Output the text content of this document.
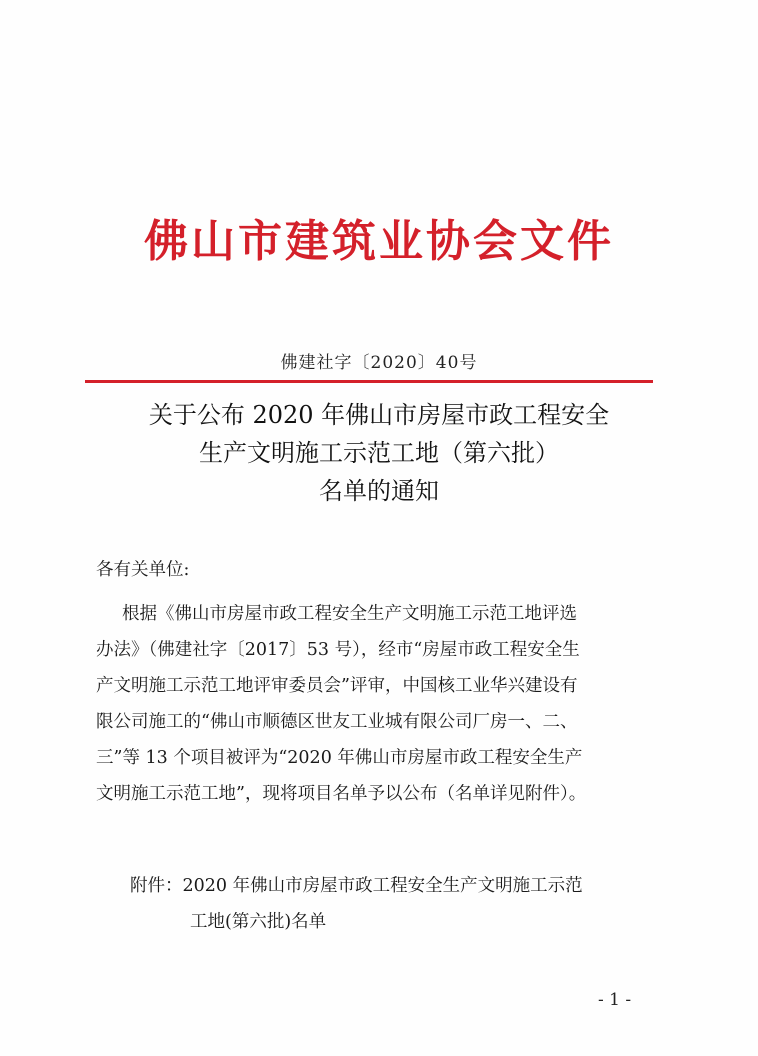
佛山市建筑业协会文件
佛建社字〔2020〕40号
关于公布 2020 年佛山市房屋市政工程安全
生产文明施工示范工地（第六批）
名单的通知
各有关单位:
根据《佛山市房屋市政工程安全生产文明施工示范工地评选
办法》（佛建社字〔2017〕53 号），经市“房屋市政工程安全生
产文明施工示范工地评审委员会”评审，中国核工业华兴建设有
限公司施工的“佛山市顺德区世友工业城有限公司厂房一、二、
三”等 13 个项目被评为“2020 年佛山市房屋市政工程安全生产
文明施工示范工地”，现将项目名单予以公布（名单详见附件）。
附件：2020 年佛山市房屋市政工程安全生产文明施工示范
工地(第六批)名单
- 1 -
